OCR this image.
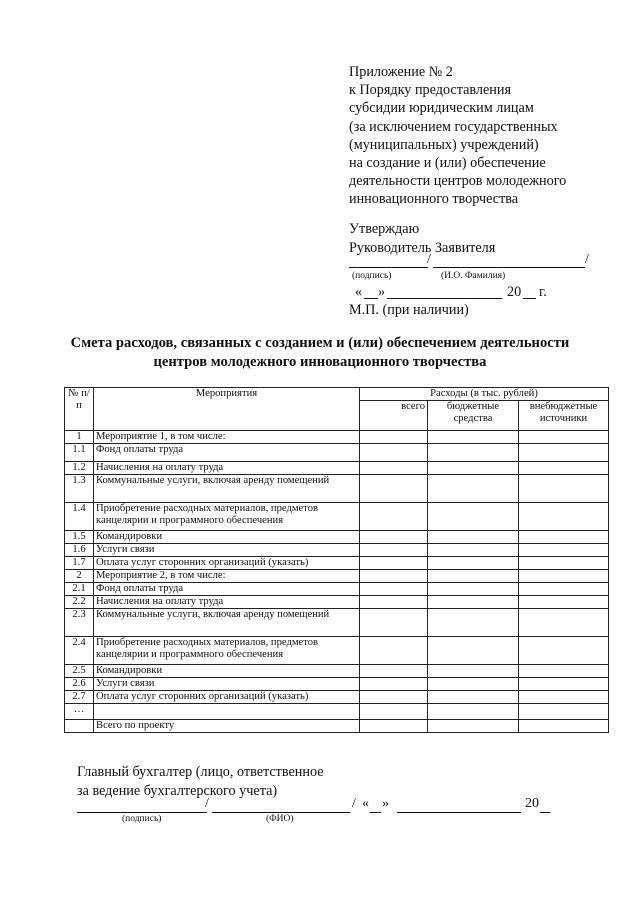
Приложение № 2
к Порядку предоставления
субсидии юридическим лицам
(за исключением государственных
(муниципальных) учреждений)
на создание и (или) обеспечение
деятельности центров молодежного
инновационного творчества
Утверждаю
Руководитель Заявителя
/	/
(подпись)	(И.О. Фамилия)
« »	20 г.
М.П. (при наличии)
Смета расходов, связанных с созданием и (или) обеспечением деятельности
центров молодежного инновационного творчества
№ п/п	Мероприятия	Расходы (в тыс. рублей)		
		всего	бюджетные средства	внебюджетные источники
1	Мероприятие 1, в том числе:			
1.1	Фонд оплаты труда			
1.2	Начисления на оплату труда			
1.3	Коммунальные услуги, включая аренду помещений			
1.4	Приобретение расходных материалов, предметов канцелярии и программного обеспечения			
1.5	Командировки			
1.6	Услуги связи			
1.7	Оплата услуг сторонних организаций (указать)			
2	Мероприятие 2, в том числе:			
2.1	Фонд оплаты труда			
2.2	Начисления на оплату труда			
2.3	Коммунальные услуги, включая аренду помещений			
2.4	Приобретение расходных материалов, предметов канцелярии и программного обеспечения			
2.5	Командировки			
2.6	Услуги связи			
2.7	Оплата услуг сторонних организаций (указать)			
…				
	Всего по проекту			
Главный бухгалтер (лицо, ответственное
за ведение бухгалтерского учета)
/	/ « »	20
(подпись)	(ФИО)
